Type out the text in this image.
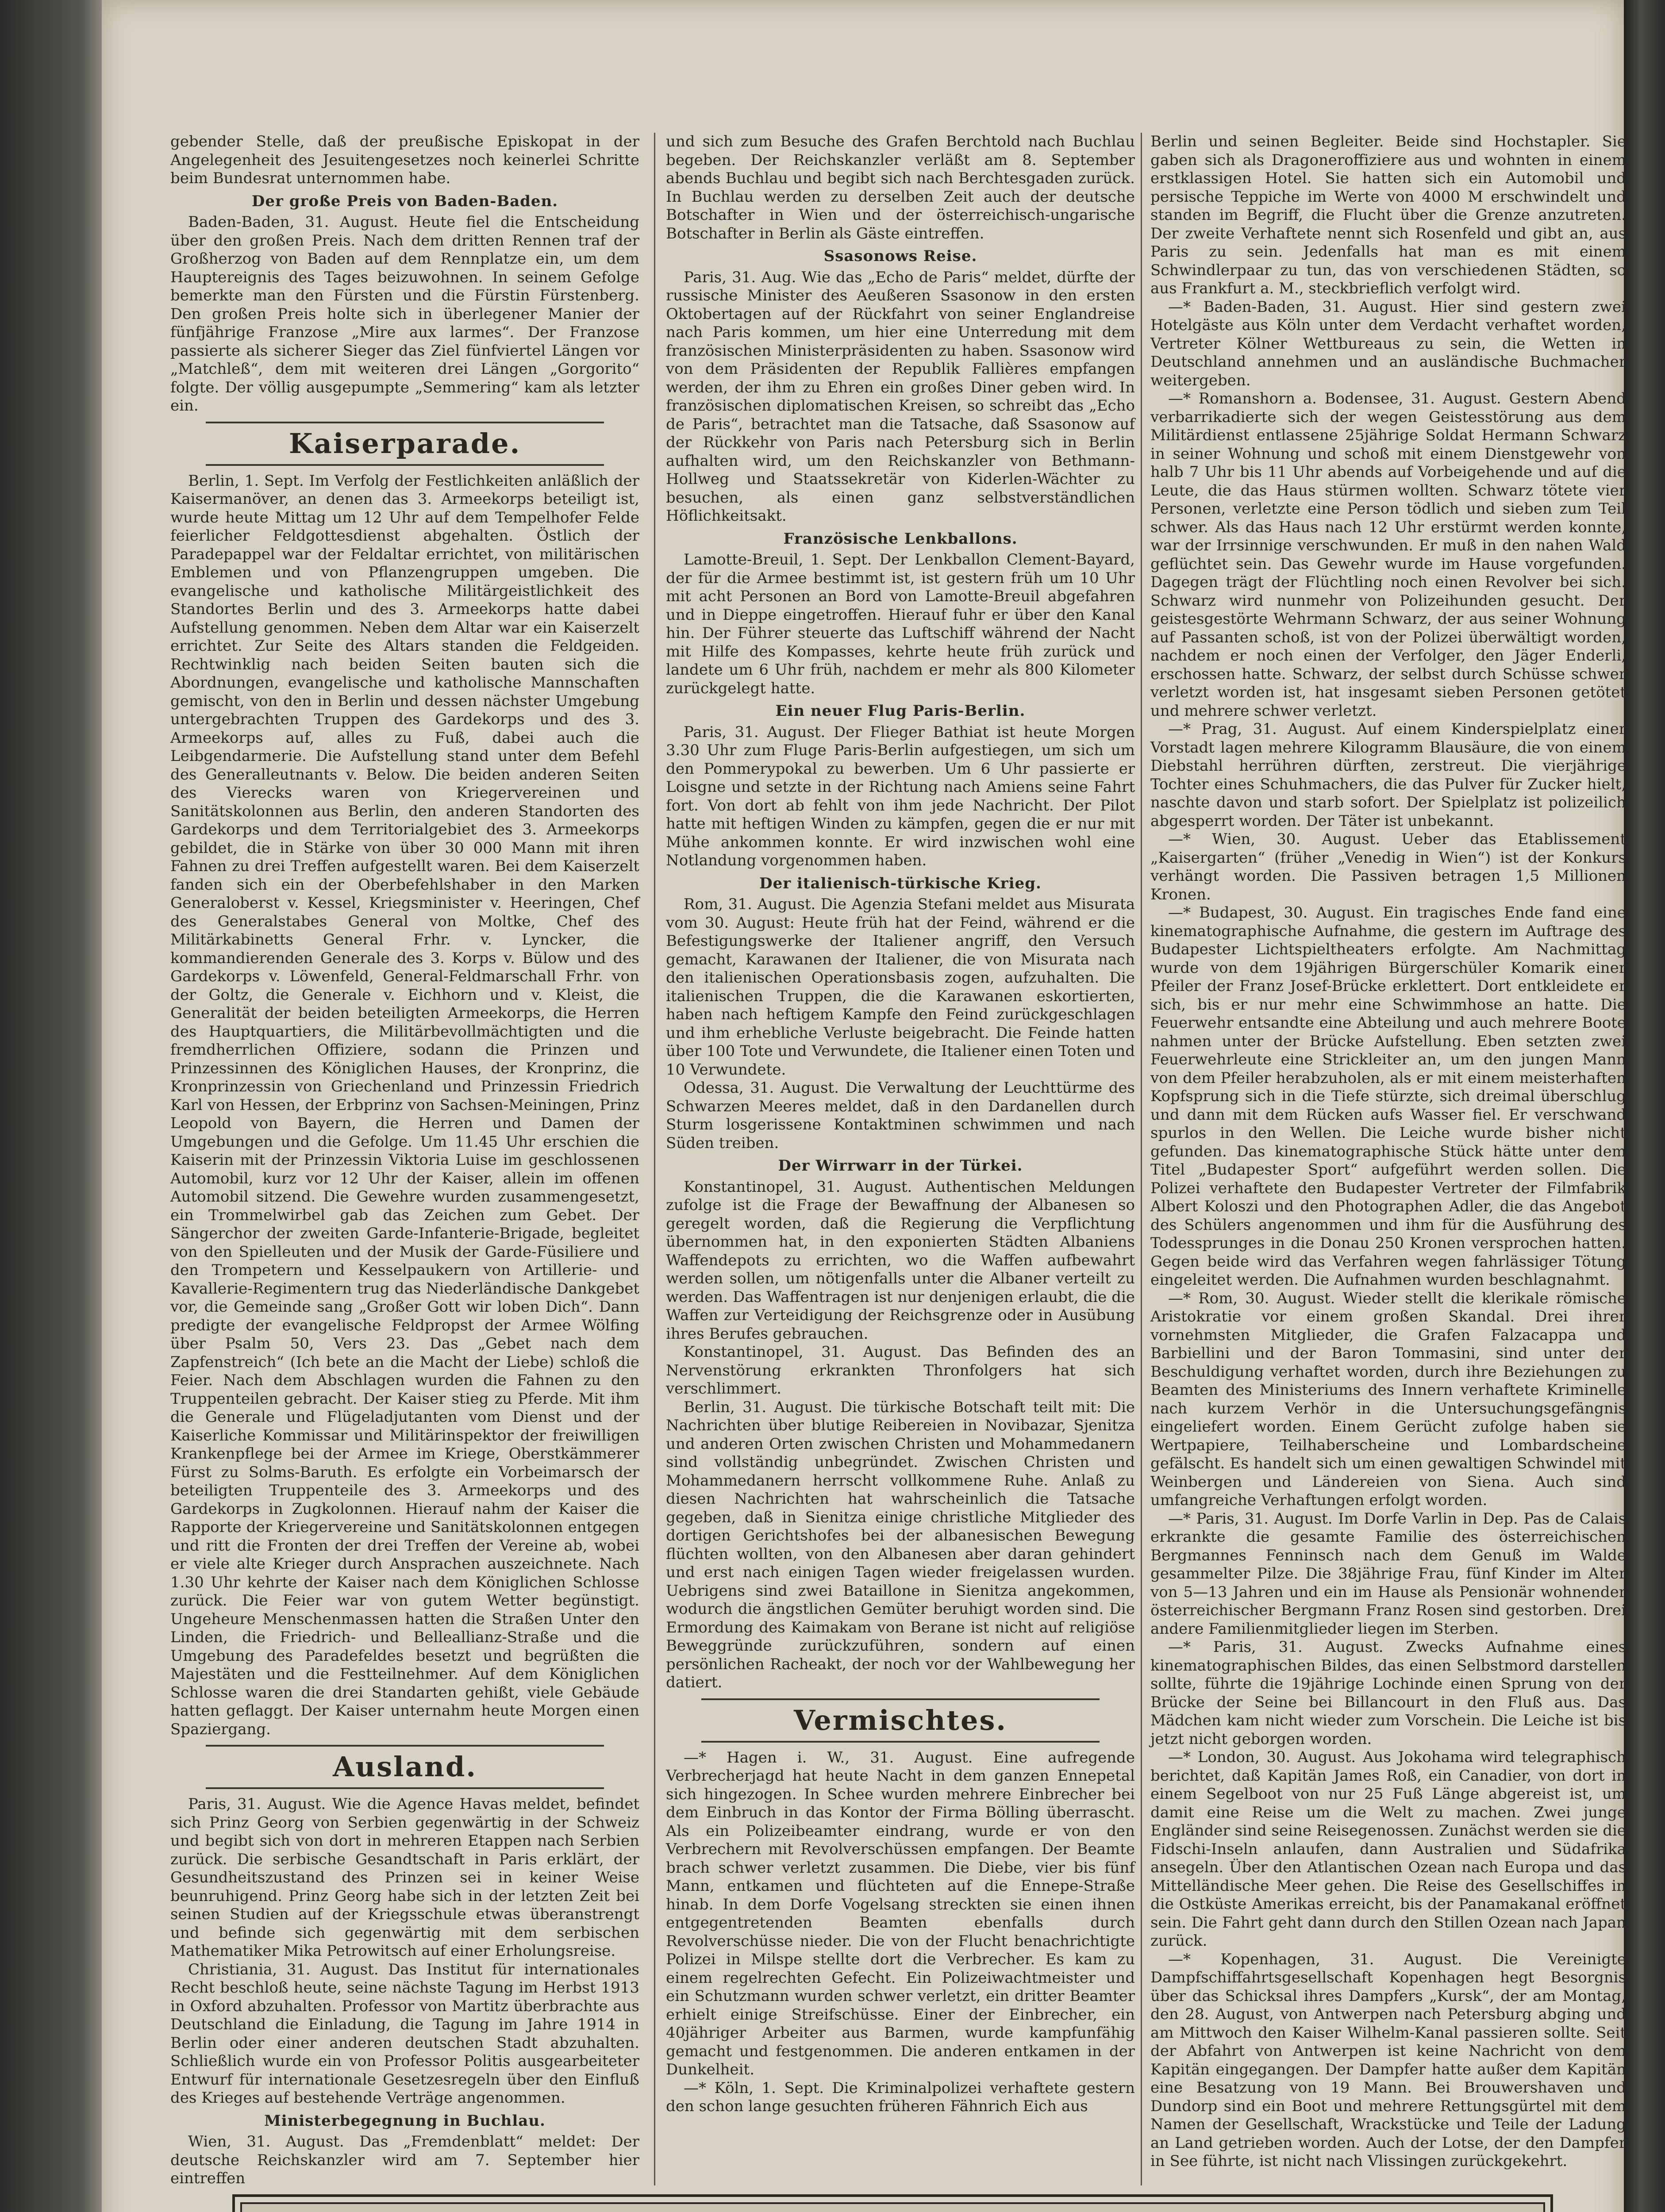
gebender Stelle, daß der preußische Episkopat in der Angelegenheit des Jesuitengesetzes noch keinerlei Schritte beim Bundesrat unternommen habe.

Der große Preis von Baden-Baden.

Baden-Baden, 31. August. Heute fiel die Entscheidung über den großen Preis. Nach dem dritten Rennen traf der Großherzog von Baden auf dem Rennplatze ein, um dem Hauptereignis des Tages beizuwohnen. In seinem Gefolge bemerkte man den Fürsten und die Fürstin Fürstenberg. Den großen Preis holte sich in überlegener Manier der fünfjährige Franzose „Mire aux larmes“. Der Franzose passierte als sicherer Sieger das Ziel fünfviertel Längen vor „Matchleß“, dem mit weiteren drei Längen „Gorgorito“ folgte. Der völlig ausgepumpte „Semmering“ kam als letzter ein.

Kaiserparade.

Berlin, 1. Sept. Im Verfolg der Festlichkeiten anläßlich der Kaisermanöver, an denen das 3. Armeekorps beteiligt ist, wurde heute Mittag um 12 Uhr auf dem Tempelhofer Felde feierlicher Feldgottesdienst abgehalten. Östlich der Paradepappel war der Feldaltar errichtet, von militärischen Emblemen und von Pflanzengruppen umgeben. Die evangelische und katholische Militärgeistlichkeit des Standortes Berlin und des 3. Armeekorps hatte dabei Aufstellung genommen. Neben dem Altar war ein Kaiserzelt errichtet. Zur Seite des Altars standen die Feldgeiden. Rechtwinklig nach beiden Seiten bauten sich die Abordnungen, evangelische und katholische Mannschaften gemischt, von den in Berlin und dessen nächster Umgebung untergebrachten Truppen des Gardekorps und des 3. Armeekorps auf, alles zu Fuß, dabei auch die Leibgendarmerie. Die Aufstellung stand unter dem Befehl des Generalleutnants v. Below. Die beiden anderen Seiten des Vierecks waren von Kriegervereinen und Sanitätskolonnen aus Berlin, den anderen Standorten des Gardekorps und dem Territorialgebiet des 3. Armeekorps gebildet, die in Stärke von über 30 000 Mann mit ihren Fahnen zu drei Treffen aufgestellt waren. Bei dem Kaiserzelt fanden sich ein der Oberbefehlshaber in den Marken Generaloberst v. Kessel, Kriegsminister v. Heeringen, Chef des Generalstabes General von Moltke, Chef des Militärkabinetts General Frhr. v. Lyncker, die kommandierenden Generale des 3. Korps v. Bülow und des Gardekorps v. Löwenfeld, General-Feldmarschall Frhr. von der Goltz, die Generale v. Eichhorn und v. Kleist, die Generalität der beiden beteiligten Armeekorps, die Herren des Hauptquartiers, die Militärbevollmächtigten und die fremdherrlichen Offiziere, sodann die Prinzen und Prinzessinnen des Königlichen Hauses, der Kronprinz, die Kronprinzessin von Griechenland und Prinzessin Friedrich Karl von Hessen, der Erbprinz von Sachsen-Meiningen, Prinz Leopold von Bayern, die Herren und Damen der Umgebungen und die Gefolge. Um 11.45 Uhr erschien die Kaiserin mit der Prinzessin Viktoria Luise im geschlossenen Automobil, kurz vor 12 Uhr der Kaiser, allein im offenen Automobil sitzend. Die Gewehre wurden zusammengesetzt, ein Trommelwirbel gab das Zeichen zum Gebet. Der Sängerchor der zweiten Garde-Infanterie-Brigade, begleitet von den Spielleuten und der Musik der Garde-Füsiliere und den Trompetern und Kesselpaukern von Artillerie- und Kavallerie-Regimentern trug das Niederländische Dankgebet vor, die Gemeinde sang „Großer Gott wir loben Dich“. Dann predigte der evangelische Feldpropst der Armee Wölfing über Psalm 50, Vers 23. Das „Gebet nach dem Zapfenstreich“ (Ich bete an die Macht der Liebe) schloß die Feier. Nach dem Abschlagen wurden die Fahnen zu den Truppenteilen gebracht. Der Kaiser stieg zu Pferde. Mit ihm die Generale und Flügeladjutanten vom Dienst und der Kaiserliche Kommissar und Militärinspektor der freiwilligen Krankenpflege bei der Armee im Kriege, Oberstkämmerer Fürst zu Solms-Baruth. Es erfolgte ein Vorbeimarsch der beteiligten Truppenteile des 3. Armeekorps und des Gardekorps in Zugkolonnen. Hierauf nahm der Kaiser die Rapporte der Kriegervereine und Sanitätskolonnen entgegen und ritt die Fronten der drei Treffen der Vereine ab, wobei er viele alte Krieger durch Ansprachen auszeichnete. Nach 1.30 Uhr kehrte der Kaiser nach dem Königlichen Schlosse zurück. Die Feier war von gutem Wetter begünstigt. Ungeheure Menschenmassen hatten die Straßen Unter den Linden, die Friedrich- und Belleallianz-Straße und die Umgebung des Paradefeldes besetzt und begrüßten die Majestäten und die Festteilnehmer. Auf dem Königlichen Schlosse waren die drei Standarten gehißt, viele Gebäude hatten geflaggt. Der Kaiser unternahm heute Morgen einen Spaziergang.

Ausland.

Paris, 31. August. Wie die Agence Havas meldet, befindet sich Prinz Georg von Serbien gegenwärtig in der Schweiz und begibt sich von dort in mehreren Etappen nach Serbien zurück. Die serbische Gesandtschaft in Paris erklärt, der Gesundheitszustand des Prinzen sei in keiner Weise beunruhigend. Prinz Georg habe sich in der letzten Zeit bei seinen Studien auf der Kriegsschule etwas überanstrengt und befinde sich gegenwärtig mit dem serbischen Mathematiker Mika Petrowitsch auf einer Erholungsreise.

Christiania, 31. August. Das Institut für internationales Recht beschloß heute, seine nächste Tagung im Herbst 1913 in Oxford abzuhalten. Professor von Martitz überbrachte aus Deutschland die Einladung, die Tagung im Jahre 1914 in Berlin oder einer anderen deutschen Stadt abzuhalten. Schließlich wurde ein von Professor Politis ausgearbeiteter Entwurf für internationale Gesetzesregeln über den Einfluß des Krieges auf bestehende Verträge angenommen.

Ministerbegegnung in Buchlau.

Wien, 31. August. Das „Fremdenblatt“ meldet: Der deutsche Reichskanzler wird am 7. September hier eintreffen

und sich zum Besuche des Grafen Berchtold nach Buchlau begeben. Der Reichskanzler verläßt am 8. September abends Buchlau und begibt sich nach Berchtesgaden zurück. In Buchlau werden zu derselben Zeit auch der deutsche Botschafter in Wien und der österreichisch-ungarische Botschafter in Berlin als Gäste eintreffen.

Ssasonows Reise.

Paris, 31. Aug. Wie das „Echo de Paris“ meldet, dürfte der russische Minister des Aeußeren Ssasonow in den ersten Oktobertagen auf der Rückfahrt von seiner Englandreise nach Paris kommen, um hier eine Unterredung mit dem französischen Ministerpräsidenten zu haben. Ssasonow wird von dem Präsidenten der Republik Fallières empfangen werden, der ihm zu Ehren ein großes Diner geben wird. In französischen diplomatischen Kreisen, so schreibt das „Echo de Paris“, betrachtet man die Tatsache, daß Ssasonow auf der Rückkehr von Paris nach Petersburg sich in Berlin aufhalten wird, um den Reichskanzler von Bethmann-Hollweg und Staatssekretär von Kiderlen-Wächter zu besuchen, als einen ganz selbstverständlichen Höflichkeitsakt.

Französische Lenkballons.

Lamotte-Breuil, 1. Sept. Der Lenkballon Clement-Bayard, der für die Armee bestimmt ist, ist gestern früh um 10 Uhr mit acht Personen an Bord von Lamotte-Breuil abgefahren und in Dieppe eingetroffen. Hierauf fuhr er über den Kanal hin. Der Führer steuerte das Luftschiff während der Nacht mit Hilfe des Kompasses, kehrte heute früh zurück und landete um 6 Uhr früh, nachdem er mehr als 800 Kilometer zurückgelegt hatte.

Ein neuer Flug Paris-Berlin.

Paris, 31. August. Der Flieger Bathiat ist heute Morgen 3.30 Uhr zum Fluge Paris-Berlin aufgestiegen, um sich um den Pommerypokal zu bewerben. Um 6 Uhr passierte er Loisgne und setzte in der Richtung nach Amiens seine Fahrt fort. Von dort ab fehlt von ihm jede Nachricht. Der Pilot hatte mit heftigen Winden zu kämpfen, gegen die er nur mit Mühe ankommen konnte. Er wird inzwischen wohl eine Notlandung vorgenommen haben.

Der italienisch-türkische Krieg.

Rom, 31. August. Die Agenzia Stefani meldet aus Misurata vom 30. August: Heute früh hat der Feind, während er die Befestigungswerke der Italiener angriff, den Versuch gemacht, Karawanen der Italiener, die von Misurata nach den italienischen Operationsbasis zogen, aufzuhalten. Die italienischen Truppen, die die Karawanen eskortierten, haben nach heftigem Kampfe den Feind zurückgeschlagen und ihm erhebliche Verluste beigebracht. Die Feinde hatten über 100 Tote und Verwundete, die Italiener einen Toten und 10 Verwundete.

Odessa, 31. August. Die Verwaltung der Leuchttürme des Schwarzen Meeres meldet, daß in den Dardanellen durch Sturm losgerissene Kontaktminen schwimmen und nach Süden treiben.

Der Wirrwarr in der Türkei.

Konstantinopel, 31. August. Authentischen Meldungen zufolge ist die Frage der Bewaffnung der Albanesen so geregelt worden, daß die Regierung die Verpflichtung übernommen hat, in den exponierten Städten Albaniens Waffendepots zu errichten, wo die Waffen aufbewahrt werden sollen, um nötigenfalls unter die Albaner verteilt zu werden. Das Waffentragen ist nur denjenigen erlaubt, die die Waffen zur Verteidigung der Reichsgrenze oder in Ausübung ihres Berufes gebrauchen.

Konstantinopel, 31. August. Das Befinden des an Nervenstörung erkrankten Thronfolgers hat sich verschlimmert.

Berlin, 31. August. Die türkische Botschaft teilt mit: Die Nachrichten über blutige Reibereien in Novibazar, Sjenitza und anderen Orten zwischen Christen und Mohammedanern sind vollständig unbegründet. Zwischen Christen und Mohammedanern herrscht vollkommene Ruhe. Anlaß zu diesen Nachrichten hat wahrscheinlich die Tatsache gegeben, daß in Sienitza einige christliche Mitglieder des dortigen Gerichtshofes bei der albanesischen Bewegung flüchten wollten, von den Albanesen aber daran gehindert und erst nach einigen Tagen wieder freigelassen wurden. Uebrigens sind zwei Bataillone in Sienitza angekommen, wodurch die ängstlichen Gemüter beruhigt worden sind. Die Ermordung des Kaimakam von Berane ist nicht auf religiöse Beweggründe zurückzuführen, sondern auf einen persönlichen Racheakt, der noch vor der Wahlbewegung her datiert.

Vermischtes.

—* Hagen i. W., 31. August. Eine aufregende Verbrecherjagd hat heute Nacht in dem ganzen Ennepetal sich hingezogen. In Schee wurden mehrere Einbrecher bei dem Einbruch in das Kontor der Firma Bölling überrascht. Als ein Polizeibeamter eindrang, wurde er von den Verbrechern mit Revolverschüssen empfangen. Der Beamte brach schwer verletzt zusammen. Die Diebe, vier bis fünf Mann, entkamen und flüchteten auf die Ennepe-Straße hinab. In dem Dorfe Vogelsang streckten sie einen ihnen entgegentretenden Beamten ebenfalls durch Revolverschüsse nieder. Die von der Flucht benachrichtigte Polizei in Milspe stellte dort die Verbrecher. Es kam zu einem regelrechten Gefecht. Ein Polizeiwachtmeister und ein Schutzmann wurden schwer verletzt, ein dritter Beamter erhielt einige Streifschüsse. Einer der Einbrecher, ein 40jähriger Arbeiter aus Barmen, wurde kampfunfähig gemacht und festgenommen. Die anderen entkamen in der Dunkelheit.

—* Köln, 1. Sept. Die Kriminalpolizei verhaftete gestern den schon lange gesuchten früheren Fähnrich Eich aus

Berlin und seinen Begleiter. Beide sind Hochstapler. Sie gaben sich als Dragoneroffiziere aus und wohnten in einem erstklassigen Hotel. Sie hatten sich ein Automobil und persische Teppiche im Werte von 4000 M erschwindelt und standen im Begriff, die Flucht über die Grenze anzutreten. Der zweite Verhaftete nennt sich Rosenfeld und gibt an, aus Paris zu sein. Jedenfalls hat man es mit einem Schwindlerpaar zu tun, das von verschiedenen Städten, so aus Frankfurt a. M., steckbrieflich verfolgt wird.

—* Baden-Baden, 31. August. Hier sind gestern zwei Hotelgäste aus Köln unter dem Verdacht verhaftet worden, Vertreter Kölner Wettbureaus zu sein, die Wetten in Deutschland annehmen und an ausländische Buchmacher weitergeben.

—* Romanshorn a. Bodensee, 31. August. Gestern Abend verbarrikadierte sich der wegen Geistesstörung aus dem Militärdienst entlassene 25jährige Soldat Hermann Schwarz in seiner Wohnung und schoß mit einem Dienstgewehr von halb 7 Uhr bis 11 Uhr abends auf Vorbeigehende und auf die Leute, die das Haus stürmen wollten. Schwarz tötete vier Personen, verletzte eine Person tödlich und sieben zum Teil schwer. Als das Haus nach 12 Uhr erstürmt werden konnte, war der Irrsinnige verschwunden. Er muß in den nahen Wald geflüchtet sein. Das Gewehr wurde im Hause vorgefunden. Dagegen trägt der Flüchtling noch einen Revolver bei sich. Schwarz wird nunmehr von Polizeihunden gesucht. Der geistesgestörte Wehrmann Schwarz, der aus seiner Wohnung auf Passanten schoß, ist von der Polizei überwältigt worden, nachdem er noch einen der Verfolger, den Jäger Enderli, erschossen hatte. Schwarz, der selbst durch Schüsse schwer verletzt worden ist, hat insgesamt sieben Personen getötet und mehrere schwer verletzt.

—* Prag, 31. August. Auf einem Kinderspielplatz einer Vorstadt lagen mehrere Kilogramm Blausäure, die von einem Diebstahl herrühren dürften, zerstreut. Die vierjährige Tochter eines Schuhmachers, die das Pulver für Zucker hielt, naschte davon und starb sofort. Der Spielplatz ist polizeilich abgesperrt worden. Der Täter ist unbekannt.

—* Wien, 30. August. Ueber das Etablissement „Kaisergarten“ (früher „Venedig in Wien“) ist der Konkurs verhängt worden. Die Passiven betragen 1,5 Millionen Kronen.

—* Budapest, 30. August. Ein tragisches Ende fand eine kinematographische Aufnahme, die gestern im Auftrage des Budapester Lichtspieltheaters erfolgte. Am Nachmittag wurde von dem 19jährigen Bürgerschüler Komarik einer Pfeiler der Franz Josef-Brücke erklettert. Dort entkleidete er sich, bis er nur mehr eine Schwimmhose an hatte. Die Feuerwehr entsandte eine Abteilung und auch mehrere Boote nahmen unter der Brücke Aufstellung. Eben setzten zwei Feuerwehrleute eine Strickleiter an, um den jungen Mann von dem Pfeiler herabzuholen, als er mit einem meisterhaften Kopfsprung sich in die Tiefe stürzte, sich dreimal überschlug und dann mit dem Rücken aufs Wasser fiel. Er verschwand spurlos in den Wellen. Die Leiche wurde bisher nicht gefunden. Das kinematographische Stück hätte unter dem Titel „Budapester Sport“ aufgeführt werden sollen. Die Polizei verhaftete den Budapester Vertreter der Filmfabrik Albert Koloszi und den Photographen Adler, die das Angebot des Schülers angenommen und ihm für die Ausführung des Todessprunges in die Donau 250 Kronen versprochen hatten. Gegen beide wird das Verfahren wegen fahrlässiger Tötung eingeleitet werden. Die Aufnahmen wurden beschlagnahmt.

—* Rom, 30. August. Wieder stellt die klerikale römische Aristokratie vor einem großen Skandal. Drei ihrer vornehmsten Mitglieder, die Grafen Falzacappa und Barbiellini und der Baron Tommasini, sind unter der Beschuldigung verhaftet worden, durch ihre Beziehungen zu Beamten des Ministeriums des Innern verhaftete Kriminelle nach kurzem Verhör in die Untersuchungsgefängnis eingeliefert worden. Einem Gerücht zufolge haben sie Wertpapiere, Teilhaberscheine und Lombardscheine gefälscht. Es handelt sich um einen gewaltigen Schwindel mit Weinbergen und Ländereien von Siena. Auch sind umfangreiche Verhaftungen erfolgt worden.

—* Paris, 31. August. Im Dorfe Varlin in Dep. Pas de Calais erkrankte die gesamte Familie des österreichischen Bergmannes Fenninsch nach dem Genuß im Walde gesammelter Pilze. Die 38jährige Frau, fünf Kinder im Alter von 5—13 Jahren und ein im Hause als Pensionär wohnender österreichischer Bergmann Franz Rosen sind gestorben. Drei andere Familienmitglieder liegen im Sterben.

—* Paris, 31. August. Zwecks Aufnahme eines kinematographischen Bildes, das einen Selbstmord darstellen sollte, führte die 19jährige Lochinde einen Sprung von der Brücke der Seine bei Billancourt in den Fluß aus. Das Mädchen kam nicht wieder zum Vorschein. Die Leiche ist bis jetzt nicht geborgen worden.

—* London, 30. August. Aus Jokohama wird telegraphisch berichtet, daß Kapitän James Roß, ein Canadier, von dort in einem Segelboot von nur 25 Fuß Länge abgereist ist, um damit eine Reise um die Welt zu machen. Zwei junge Engländer sind seine Reisegenossen. Zunächst werden sie die Fidschi-Inseln anlaufen, dann Australien und Südafrika ansegeln. Über den Atlantischen Ozean nach Europa und das Mittelländische Meer gehen. Die Reise des Gesellschiffes in die Ostküste Amerikas erreicht, bis der Panamakanal eröffnet sein. Die Fahrt geht dann durch den Stillen Ozean nach Japan zurück.

—* Kopenhagen, 31. August. Die Vereinigte Dampfschiffahrtsgesellschaft Kopenhagen hegt Besorgnis über das Schicksal ihres Dampfers „Kursk“, der am Montag, den 28. August, von Antwerpen nach Petersburg abging und am Mittwoch den Kaiser Wilhelm-Kanal passieren sollte. Seit der Abfahrt von Antwerpen ist keine Nachricht von dem Kapitän eingegangen. Der Dampfer hatte außer dem Kapitän eine Besatzung von 19 Mann. Bei Brouwershaven und Dundorp sind ein Boot und mehrere Rettungsgürtel mit dem Namen der Gesellschaft, Wrackstücke und Teile der Ladung an Land getrieben worden. Auch der Lotse, der den Dampfer in See führte, ist nicht nach Vlissingen zurückgekehrt.
